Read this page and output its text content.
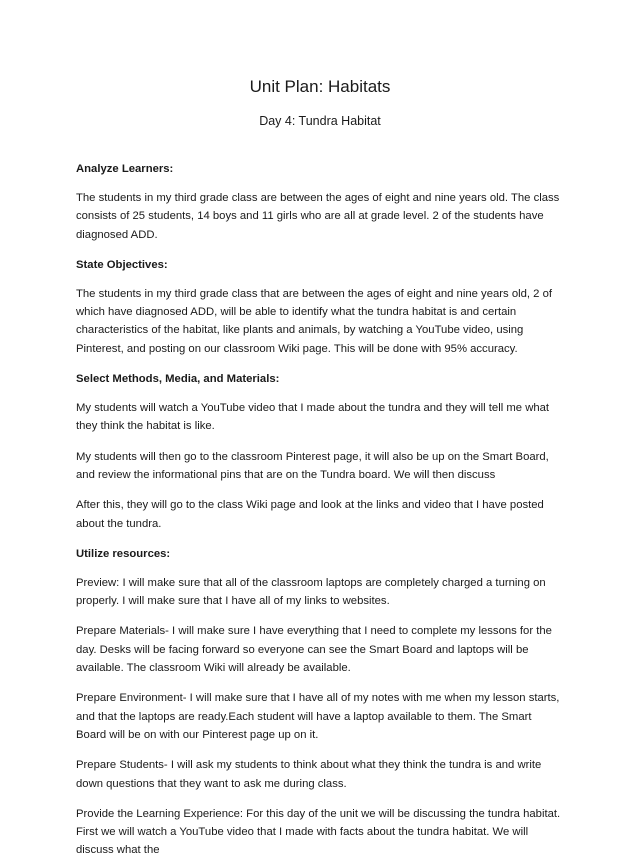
Unit Plan: Habitats

Day 4: Tundra Habitat

Analyze Learners:

The students in my third grade class are between the ages of eight and nine years old. The class consists of 25 students, 14 boys and 11 girls who are all at grade level. 2 of the students have diagnosed ADD.

State Objectives:

The students in my third grade class that are between the ages of eight and nine years old, 2 of which have diagnosed ADD, will be able to identify what the tundra habitat is and certain characteristics of the habitat, like plants and animals, by watching a YouTube video, using Pinterest, and posting on our classroom Wiki page. This will be done with 95% accuracy.

Select Methods, Media, and Materials:

My students will watch a YouTube video that I made about the tundra and they will tell me what they think the habitat is like.

My students will then go to the classroom Pinterest page, it will also be up on the Smart Board, and review the informational pins that are on the Tundra board. We will then discuss

After this, they will go to the class Wiki page and look at the links and video that I have posted about the tundra.

Utilize resources:

Preview: I will make sure that all of the classroom laptops are completely charged a turning on properly. I will make sure that I have all of my links to websites.

Prepare Materials- I will make sure I have everything that I need to complete my lessons for the day. Desks will be facing forward so everyone can see the Smart Board and laptops will be available. The classroom Wiki will already be available.

Prepare Environment- I will make sure that I have all of my notes with me when my lesson starts, and that the laptops are ready.Each student will have a laptop available to them. The Smart Board will be on with our Pinterest page up on it.

Prepare Students- I will ask my students to think about what they think the tundra is and write down questions that they want to ask me during class.

Provide the Learning Experience: For this day of the unit we will be discussing the tundra habitat. First we will watch a YouTube video that I made with facts about the tundra habitat. We will discuss what the
